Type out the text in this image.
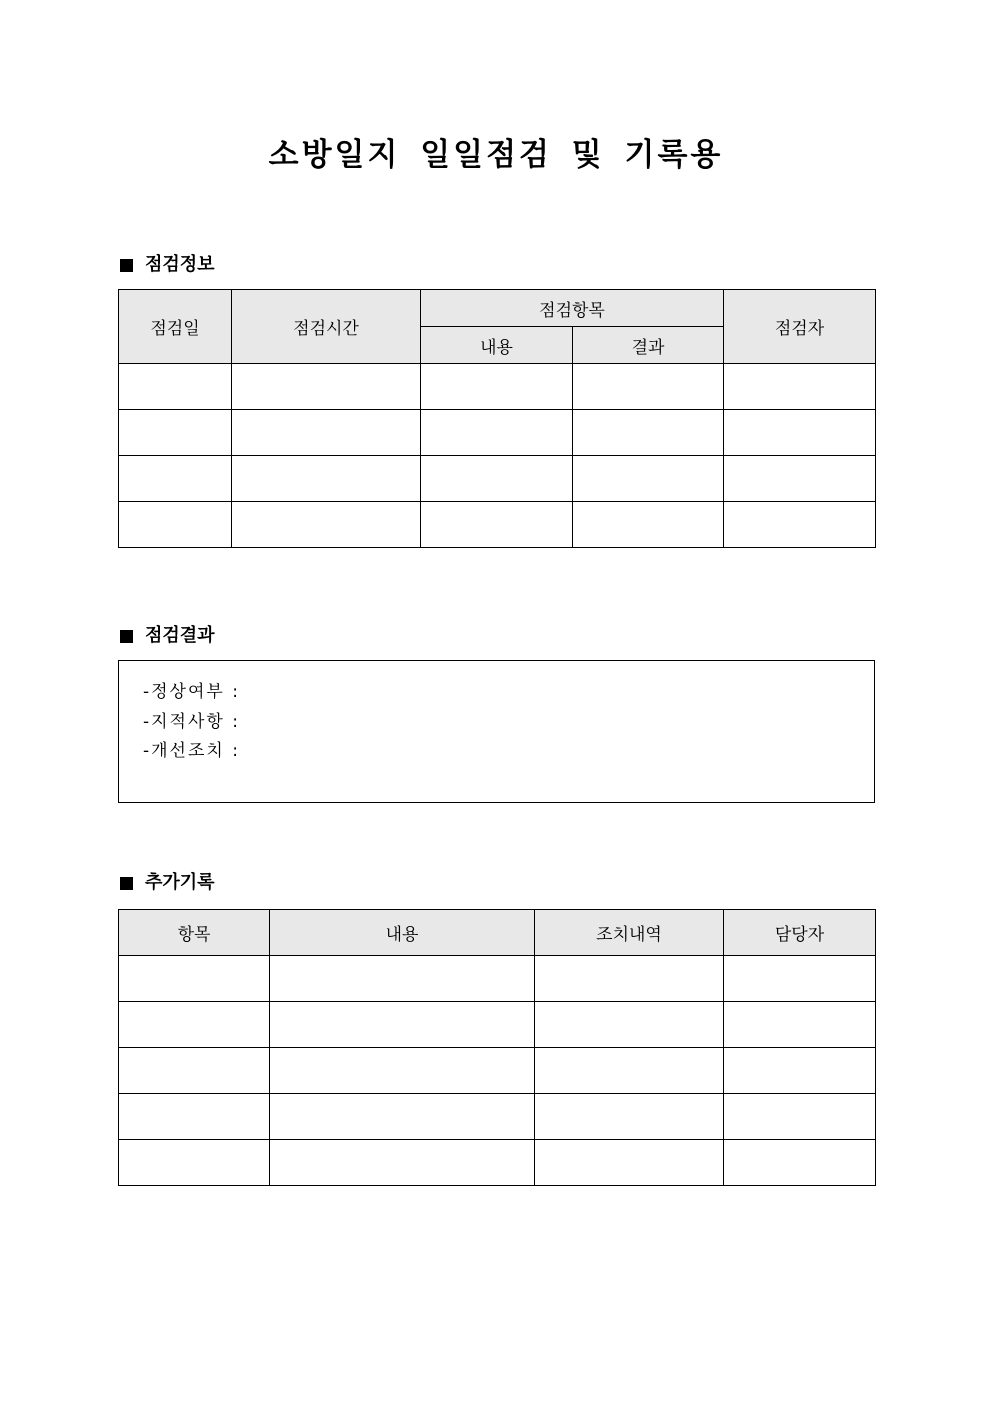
소방일지 일일점검 및 기록용
점검정보
점검일	점검시간	점검항목		점검자
		내용	결과	

점검결과
-정상여부 :
-지적사항 :
-개선조치 :
추가기록
항목	내용	조치내역	담당자
